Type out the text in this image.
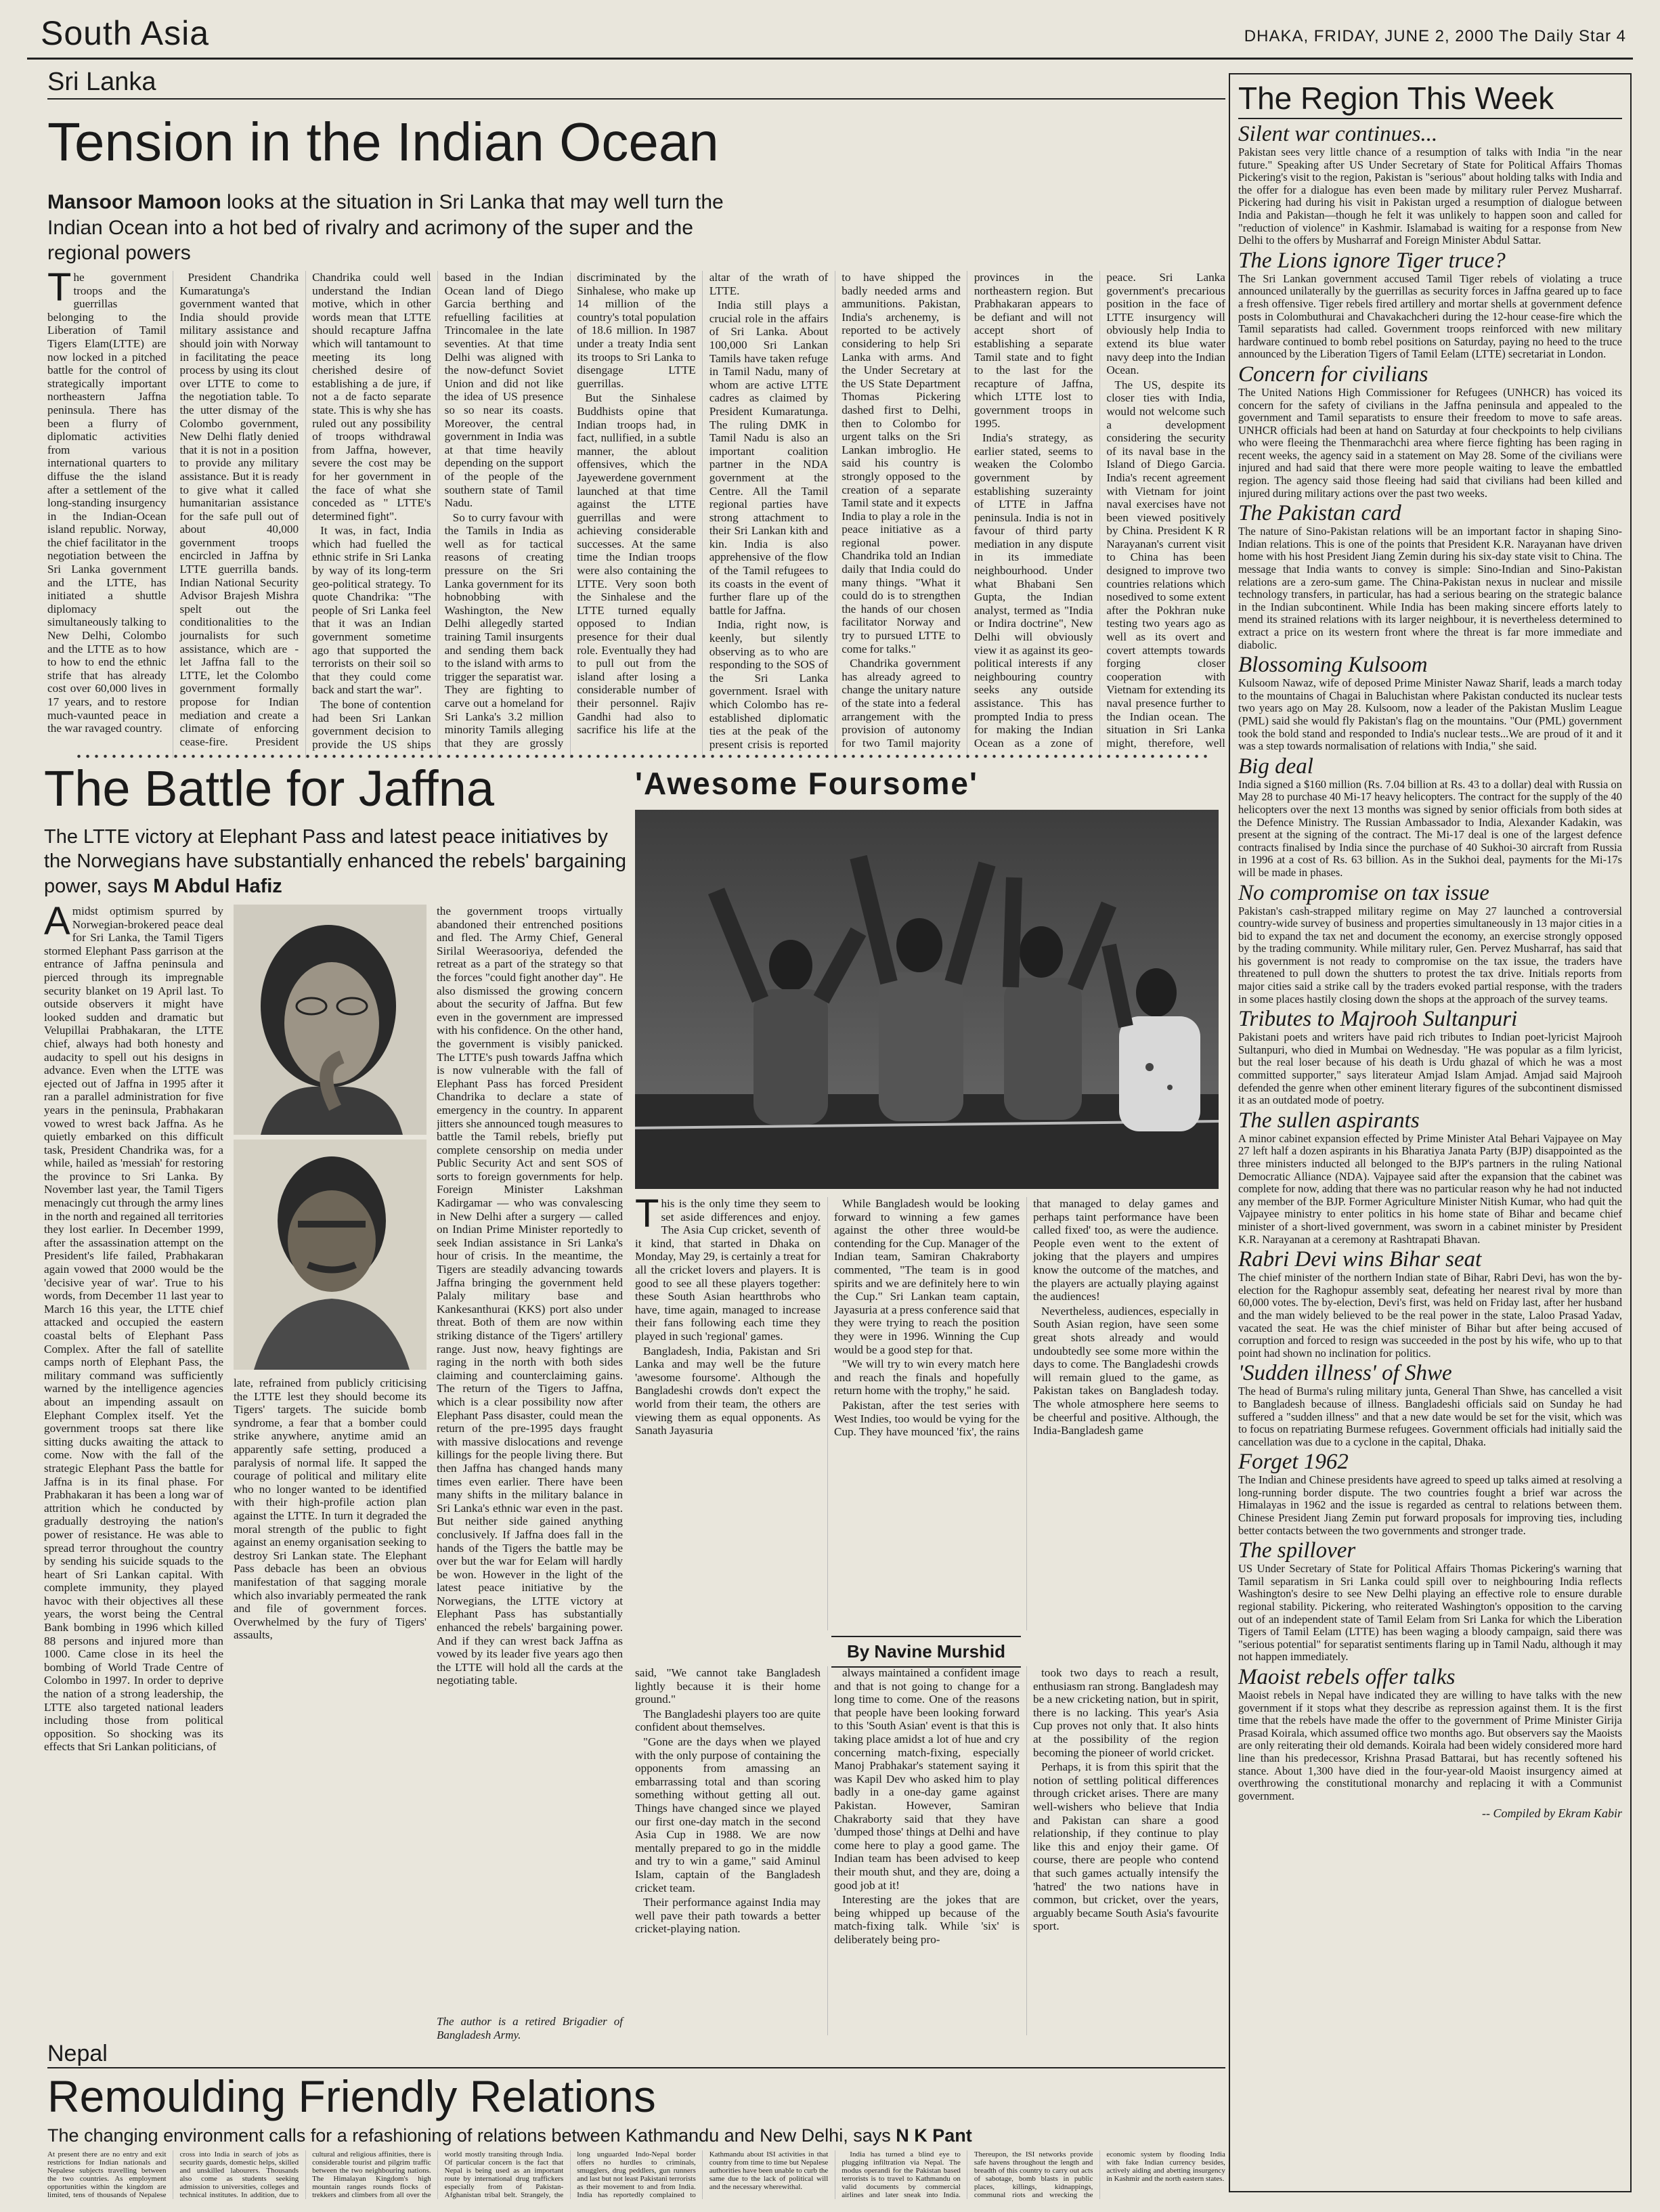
South Asia	DHAKA, FRIDAY, JUNE 2, 2000 The Daily Star 4
Sri Lanka
Tension in the Indian Ocean
Mansoor Mamoon looks at the situation in Sri Lanka that may well turn the Indian Ocean into a hot bed of rivalry and acrimony of the super and the regional powers

The government troops and the guerrillas belonging to the Liberation of Tamil Tigers Elam(LTTE) are now locked in a pitched battle for the control of strategically important northeastern Jaffna peninsula. There has been a flurry of diplomatic activities from various international quarters to diffuse the the island after a settlement of the long-standing insurgency in the Indian-Ocean island republic. Norway, the chief facilitator in the negotiation between the Sri Lanka government and the LTTE, has initiated a shuttle diplomacy simultaneously talking to New Delhi, Colombo and the LTTE as to how to how to end the ethnic strife that has already cost over 60,000 lives in 17 years, and to restore much-vaunted peace in the war ravaged country.

President Chandrika Kumaratunga's government wanted that India should provide military assistance and should join with Norway in facilitating the peace process by using its clout over LTTE to come to the negotiation table. To the utter dismay of the Colombo government, New Delhi flatly denied that it is not in a position to provide any military assistance. But it is ready to give what it called humanitarian assistance for the safe pull out of about 40,000 government troops encircled in Jaffna by LTTE guerrilla bands. Indian National Security Advisor Brajesh Mishra spelt out the conditionalities to the journalists for such assistance, which are - let Jaffna fall to the LTTE, let the Colombo government formally propose for Indian mediation and create a climate of enforcing cease-fire. President Chandrika could well understand the Indian motive, which in other words mean that LTTE should recapture Jaffna which will tantamount to meeting its long cherished desire of establishing a de jure, if not a de facto separate state. This is why she has ruled out any possibility of troops withdrawal from Jaffna, however, severe the cost may be for her government in the face of what she conceded as " LTTE's determined fight".

It was, in fact, India which had fuelled the ethnic strife in Sri Lanka by way of its long-term geo-political strategy. To quote Chandrika: "The people of Sri Lanka feel that it was an Indian government sometime ago that supported the terrorists on their soil so that they could come back and start the war".

The bone of contention had been Sri Lankan government decision to provide the US ships based in the Indian Ocean land of Diego Garcia berthing and refuelling facilities at Trincomalee in the late seventies. At that time Delhi was aligned with the now-defunct Soviet Union and did not like the idea of US presence so so near its coasts. Moreover, the central government in India was at that time heavily depending on the support of the people of the southern state of Tamil Nadu.

So to curry favour with the Tamils in India as well as for tactical reasons of creating pressure on the Sri Lanka government for its hobnobbing with Washington, the New Delhi allegedly started training Tamil insurgents and sending them back to the island with arms to trigger the separatist war. They are fighting to carve out a homeland for Sri Lanka's 3.2 million minority Tamils alleging that they are grossly discriminated by the Sinhalese, who make up 14 million of the country's total population of 18.6 million. In 1987 under a treaty India sent its troops to Sri Lanka to disengage LTTE guerrillas.

But the Sinhalese Buddhists opine that Indian troops had, in fact, nullified, in a subtle manner, the ablout offensives, which the Jayewerdene government launched at that time against the LTTE guerrillas and were achieving considerable successes. At the same time the Indian troops were also containing the LTTE. Very soon both the Sinhalese and the LTTE turned equally opposed to Indian presence for their dual role. Eventually they had to pull out from the island after losing a considerable number of their personnel. Rajiv Gandhi had also to sacrifice his life at the altar of the wrath of LTTE.

India still plays a crucial role in the affairs of Sri Lanka. About 100,000 Sri Lankan Tamils have taken refuge in Tamil Nadu, many of whom are active LTTE cadres as claimed by President Kumaratunga. The ruling DMK in Tamil Nadu is also an important coalition partner in the NDA government at the Centre. All the Tamil regional parties have strong attachment to their Sri Lankan kith and kin. India is also apprehensive of the flow of the Tamil refugees to its coasts in the event of further flare up of the battle for Jaffna.

India, right now, is keenly, but silently observing as to who are responding to the SOS of the Sri Lanka government. Israel with which Colombo has re-established diplomatic ties at the peak of the present crisis is reported to have shipped the badly needed arms and ammunitions. Pakistan, India's archenemy, is reported to be actively considering to help Sri Lanka with arms. And the Under Secretary at the US State Department Thomas Pickering dashed first to Delhi, then to Colombo for urgent talks on the Sri Lankan imbroglio. He said his country is strongly opposed to the creation of a separate Tamil state and it expects India to play a role in the peace initiative as a regional power. Chandrika told an Indian daily that India could do many things. "What it could do is to strengthen the hands of our chosen facilitator Norway and try to pursued LTTE to come for talks."

Chandrika government has already agreed to change the unitary nature of the state into a federal arrangement with the provision of autonomy for two Tamil majority provinces in the northeastern region. But Prabhakaran appears to be defiant and will not accept short of establishing a separate Tamil state and to fight to the last for the recapture of Jaffna, which LTTE lost to government troops in 1995.

India's strategy, as earlier stated, seems to weaken the Colombo government by establishing suzerainty of LTTE in Jaffna peninsula. India is not in favour of third party mediation in any dispute in its immediate neighbourhood. Under what Bhabani Sen Gupta, the Indian analyst, termed as "India or Indira doctrine", New Delhi will obviously view it as against its geo-political interests if any neighbouring country seeks any outside assistance. This has prompted India to press for making the Indian Ocean as a zone of peace. Sri Lanka government's precarious position in the face of LTTE insurgency will obviously help India to extend its blue water navy deep into the Indian Ocean.

The US, despite its closer ties with India, would not welcome such a development considering the security of its naval base in the Island of Diego Garcia. India's recent agreement with Vietnam for joint naval exercises have not been viewed positively by China. President K R Narayanan's current visit to China has been designed to improve two countries relations which nosedived to some extent after the Pokhran nuke testing two years ago as well as its overt and covert attempts towards forging closer cooperation with Vietnam for extending its naval presence further to the Indian ocean. The situation in Sri Lanka might, therefore, well

The Battle for Jaffna
The LTTE victory at Elephant Pass and latest peace initiatives by the Norwegians have substantially enhanced the rebels' bargaining power, says M Abdul Hafiz

Amidst optimism spurred by Norwegian-brokered peace deal for Sri Lanka, the Tamil Tigers stormed Elephant Pass garrison at the entrance of Jaffna peninsula and pierced through its impregnable security blanket on 19 April last. To outside observers it might have looked sudden and dramatic but Velupillai Prabhakaran, the LTTE chief, always had both honesty and audacity to spell out his designs in advance. Even when the LTTE was ejected out of Jaffna in 1995 after it ran a parallel administration for five years in the peninsula, Prabhakaran vowed to wrest back Jaffna. As he quietly embarked on this difficult task, President Chandrika was, for a while, hailed as 'messiah' for restoring the province to Sri Lanka. By November last year, the Tamil Tigers menacingly cut through the army lines in the north and regained all territories they lost earlier. In December 1999, after the assassination attempt on the President's life failed, Prabhakaran again vowed that 2000 would be the 'decisive year of war'. True to his words, from December 11 last year to March 16 this year, the LTTE chief attacked and occupied the eastern coastal belts of Elephant Pass Complex. After the fall of satellite camps north of Elephant Pass, the military command was sufficiently warned by the intelligence agencies about an impending assault on Elephant Complex itself. Yet the government troops sat there like sitting ducks awaiting the attack to come. Now with the fall of the strategic Elephant Pass the battle for Jaffna is in its final phase. For Prabhakaran it has been a long war of attrition which he conducted by gradually destroying the nation's power of resistance. He was able to spread terror throughout the country by sending his suicide squads to the heart of Sri Lankan capital. With complete immunity, they played havoc with their objectives all these years, the worst being the Central Bank bombing in 1996 which killed 88 persons and injured more than 1000. Came close in its heel the bombing of World Trade Centre of Colombo in 1997. In order to deprive the nation of a strong leadership, the LTTE also targeted national leaders including those from political opposition. So shocking was its effects that Sri Lankan politicians, of

late, refrained from publicly criticising the LTTE lest they should become its Tigers' targets. The suicide bomb syndrome, a fear that a bomber could strike anywhere, anytime amid an apparently safe setting, produced a paralysis of normal life. It sapped the courage of political and military elite who no longer wanted to be identified with their high-profile action plan against the LTTE. In turn it degraded the moral strength of the public to fight against an enemy organisation seeking to destroy Sri Lankan state. The Elephant Pass debacle has been an obvious manifestation of that sagging morale which also invariably permeated the rank and file of government forces. Overwhelmed by the fury of Tigers' assaults,

the government troops virtually abandoned their entrenched positions and fled. The Army Chief, General Sirilal Weerasooriya, defended the retreat as a part of the strategy so that the forces "could fight another day". He also dismissed the growing concern about the security of Jaffna. But few even in the government are impressed with his confidence. On the other hand, the government is visibly panicked. The LTTE's push towards Jaffna which is now vulnerable with the fall of Elephant Pass has forced President Chandrika to declare a state of emergency in the country. In apparent jitters she announced tough measures to battle the Tamil rebels, briefly put complete censorship on media under Public Security Act and sent SOS of sorts to foreign governments for help. Foreign Minister Lakshman Kadirgamar — who was convalescing in New Delhi after a surgery — called on Indian Prime Minister reportedly to seek Indian assistance in Sri Lanka's hour of crisis. In the meantime, the Tigers are steadily advancing towards Jaffna bringing the government held Palaly military base and Kankesanthurai (KKS) port also under threat. Both of them are now within striking distance of the Tigers' artillery range. Just now, heavy fightings are raging in the north with both sides claiming and counterclaiming gains. The return of the Tigers to Jaffna, which is a clear possibility now after Elephant Pass disaster, could mean the return of the pre-1995 days fraught with massive dislocations and revenge killings for the people living there. But then Jaffna has changed hands many times even earlier. There have been many shifts in the military balance in Sri Lanka's ethnic war even in the past. But neither side gained anything conclusively. If Jaffna does fall in the hands of the Tigers the battle may be over but the war for Eelam will hardly be won. However in the light of the latest peace initiative by the Norwegians, the LTTE victory at Elephant Pass has substantially enhanced the rebels' bargaining power. And if they can wrest back Jaffna as vowed by its leader five years ago then the LTTE will hold all the cards at the negotiating table.

The author is a retired Brigadier of Bangladesh Army.
'Awesome Foursome'

This is the only time they seem to set aside differences and enjoy. The Asia Cup cricket, seventh of it kind, that started in Dhaka on Monday, May 29, is certainly a treat for all the cricket lovers and players. It is good to see all these players together: these South Asian heartthrobs who have, time again, managed to increase their fans following each time they played in such 'regional' games.

Bangladesh, India, Pakistan and Sri Lanka and may well be the future 'awesome foursome'. Although the Bangladeshi crowds don't expect the world from their team, the others are viewing them as equal opponents. As Sanath Jayasuria

While Bangladesh would be looking forward to winning a few games against the other three would-be contending for the Cup. Manager of the Indian team, Samiran Chakraborty commented, "The team is in good spirits and we are definitely here to win the Cup." Sri Lankan team captain, Jayasuria at a press conference said that they were trying to reach the position they were in 1996. Winning the Cup would be a good step for that.

"We will try to win every match here and reach the finals and hopefully return home with the trophy," he said.

Pakistan, after the test series with West Indies, too would be vying for the Cup. They have mounced 'fix', the rains that managed to delay games and perhaps taint performance have been called fixed' too, as were the audience. People even went to the extent of joking that the players and umpires know the outcome of the matches, and the players are actually playing against the audiences!

Nevertheless, audiences, especially in South Asian region, have seen some great shots already and would undoubtedly see some more within the days to come. The Bangladeshi crowds will remain glued to the game, as Pakistan takes on Bangladesh today. The whole atmosphere here seems to be cheerful and positive. Although, the India-Bangladesh game

By Navine Murshid

said, "We cannot take Bangladesh lightly because it is their home ground."

The Bangladeshi players too are quite confident about themselves.

"Gone are the days when we played with the only purpose of containing the opponents from amassing an embarrassing total and than scoring something without getting all out. Things have changed since we played our first one-day match in the second Asia Cup in 1988. We are now mentally prepared to go in the middle and try to win a game," said Aminul Islam, captain of the Bangladesh cricket team.

Their performance against India may well pave their path towards a better cricket-playing nation.

always maintained a confident image and that is not going to change for a long time to come. One of the reasons that people have been looking forward to this 'South Asian' event is that this is taking place amidst a lot of hue and cry concerning match-fixing, especially Manoj Prabhakar's statement saying it was Kapil Dev who asked him to play badly in a one-day game against Pakistan. However, Samiran Chakraborty said that they have 'dumped those' things at Delhi and have come here to play a good game. The Indian team has been advised to keep their mouth shut, and they are, doing a good job at it!

Interesting are the jokes that are being whipped up because of the match-fixing talk. While 'six' is deliberately being pro-

took two days to reach a result, enthusiasm ran strong. Bangladesh may be a new cricketing nation, but in spirit, there is no lacking. This year's Asia Cup proves not only that. It also hints at the possibility of the region becoming the pioneer of world cricket.

Perhaps, it is from this spirit that the notion of settling political differences through cricket arises. There are many well-wishers who believe that India and Pakistan can share a good relationship, if they continue to play like this and enjoy their game. Of course, there are people who contend that such games actually intensify the 'hatred' the two nations have in common, but cricket, over the years, arguably became South Asia's favourite sport.

Nepal
Remoulding Friendly Relations
The changing environment calls for a refashioning of relations between Kathmandu and New Delhi, says N K Pant

At present there are no entry and exit restrictions for Indian nationals and Nepalese subjects travelling between the two countries. As employment opportunities within the kingdom are limited, tens of thousands of Nepalese cross into India in search of jobs as security guards, domestic helps, skilled and unskilled labourers. Thousands also come as students seeking admission to universities, colleges and technical institutes. In addition, due to cultural and religious affinities, there is considerable tourist and pilgrim traffic between the two neighbouring nations. The Himalayan Kingdom's high mountain ranges rounds flocks of trekkers and climbers from all over the world mostly transiting through India. Of particular concern is the fact that Nepal is being used as an important route by international drug traffickers especially from of Pakistan-Afghanistan tribal belt. Strangely, the long unguarded Indo-Nepal border offers no hurdles to criminals, smugglers, drug peddlers, gun runners and last but not least Pakistani terrorists as their movement to and from India. India has reportedly complained to Kathmandu about ISI activities in that country from time to time but Nepalese authorities have been unable to curb the same due to the lack of political will and the necessary wherewithal.

India has turned a blind eye to plugging infiltration via Nepal. The modus operandi for the Pakistan based terrorists is to travel to Kathmandu on valid documents by commercial airlines and later sneak into India. Thereupon, the ISI networks provide safe havens throughout the length and breadth of this country to carry out acts of sabotage, bomb blasts in public places, killings, kidnappings, communal riots and wrecking the economic system by flooding India with fake Indian currency besides, actively aiding and abetting insurgency in Kashmir and the north eastern states.

The Region This Week
Silent war continues...

Pakistan sees very little chance of a resumption of talks with India "in the near future." Speaking after US Under Secretary of State for Political Affairs Thomas Pickering's visit to the region, Pakistan is "serious" about holding talks with India and the offer for a dialogue has even been made by military ruler Pervez Musharraf. Pickering had during his visit in Pakistan urged a resumption of dialogue between India and Pakistan—though he felt it was unlikely to happen soon and called for "reduction of violence" in Kashmir. Islamabad is waiting for a response from New Delhi to the offers by Musharraf and Foreign Minister Abdul Sattar.

The Lions ignore Tiger truce?

The Sri Lankan government accused Tamil Tiger rebels of violating a truce announced unilaterally by the guerrillas as security forces in Jaffna geared up to face a fresh offensive. Tiger rebels fired artillery and mortar shells at government defence posts in Colombuthurai and Chavakachcheri during the 12-hour cease-fire which the Tamil separatists had called. Government troops reinforced with new military hardware continued to bomb rebel positions on Saturday, paying no heed to the truce announced by the Liberation Tigers of Tamil Eelam (LTTE) secretariat in London.

Concern for civilians

The United Nations High Commissioner for Refugees (UNHCR) has voiced its concern for the safety of civilians in the Jaffna peninsula and appealed to the government and Tamil separatists to ensure their freedom to move to safe areas. UNHCR officials had been at hand on Saturday at four checkpoints to help civilians who were fleeing the Thenmarachchi area where fierce fighting has been raging in recent weeks, the agency said in a statement on May 28. Some of the civilians were injured and had said that there were more people waiting to leave the embattled region. The agency said those fleeing had said that civilians had been killed and injured during military actions over the past two weeks.

The Pakistan card

The nature of Sino-Pakistan relations will be an important factor in shaping Sino-Indian relations. This is one of the points that President K.R. Narayanan have driven home with his host President Jiang Zemin during his six-day state visit to China. The message that India wants to convey is simple: Sino-Indian and Sino-Pakistan relations are a zero-sum game. The China-Pakistan nexus in nuclear and missile technology transfers, in particular, has had a serious bearing on the strategic balance in the Indian subcontinent. While India has been making sincere efforts lately to mend its strained relations with its larger neighbour, it is nevertheless determined to extract a price on its western front where the threat is far more immediate and diabolic.

Blossoming Kulsoom

Kulsoom Nawaz, wife of deposed Prime Minister Nawaz Sharif, leads a march today to the mountains of Chagai in Baluchistan where Pakistan conducted its nuclear tests two years ago on May 28. Kulsoom, now a leader of the Pakistan Muslim League (PML) said she would fly Pakistan's flag on the mountains. "Our (PML) government took the bold stand and responded to India's nuclear tests...We are proud of it and it was a step towards normalisation of relations with India," she said.

Big deal

India signed a $160 million (Rs. 7.04 billion at Rs. 43 to a dollar) deal with Russia on May 28 to purchase 40 Mi-17 heavy helicopters. The contract for the supply of the 40 helicopters over the next 13 months was signed by senior officials from both sides at the Defence Ministry. The Russian Ambassador to India, Alexander Kadakin, was present at the signing of the contract. The Mi-17 deal is one of the largest defence contracts finalised by India since the purchase of 40 Sukhoi-30 aircraft from Russia in 1996 at a cost of Rs. 63 billion. As in the Sukhoi deal, payments for the Mi-17s will be made in phases.

No compromise on tax issue

Pakistan's cash-strapped military regime on May 27 launched a controversial country-wide survey of business and properties simultaneously in 13 major cities in a bid to expand the tax net and document the economy, an exercise strongly opposed by the trading community. While military ruler, Gen. Pervez Musharraf, has said that his government is not ready to compromise on the tax issue, the traders have threatened to pull down the shutters to protest the tax drive. Initials reports from major cities said a strike call by the traders evoked partial response, with the traders in some places hastily closing down the shops at the approach of the survey teams.

Tributes to Majrooh Sultanpuri

Pakistani poets and writers have paid rich tributes to Indian poet-lyricist Majrooh Sultanpuri, who died in Mumbai on Wednesday. "He was popular as a film lyricist, but the real loser because of his death is Urdu ghazal of which he was a most committed supporter," says literateur Amjad Islam Amjad. Amjad said Majrooh defended the genre when other eminent literary figures of the subcontinent dismissed it as an outdated mode of poetry.

The sullen aspirants

A minor cabinet expansion effected by Prime Minister Atal Behari Vajpayee on May 27 left half a dozen aspirants in his Bharatiya Janata Party (BJP) disappointed as the three ministers inducted all belonged to the BJP's partners in the ruling National Democratic Alliance (NDA). Vajpayee said after the expansion that the cabinet was complete for now, adding that there was no particular reason why he had not inducted any member of the BJP. Former Agriculture Minister Nitish Kumar, who had quit the Vajpayee ministry to enter politics in his home state of Bihar and became chief minister of a short-lived government, was sworn in a cabinet minister by President K.R. Narayanan at a ceremony at Rashtrapati Bhavan.

Rabri Devi wins Bihar seat

The chief minister of the northern Indian state of Bihar, Rabri Devi, has won the by-election for the Raghopur assembly seat, defeating her nearest rival by more than 60,000 votes. The by-election, Devi's first, was held on Friday last, after her husband and the man widely believed to be the real power in the state, Laloo Prasad Yadav, vacated the seat. He was the chief minister of Bihar but after being accused of corruption and forced to resign was succeeded in the post by his wife, who up to that point had shown no inclination for politics.

'Sudden illness' of Shwe

The head of Burma's ruling military junta, General Than Shwe, has cancelled a visit to Bangladesh because of illness. Bangladeshi officials said on Sunday he had suffered a "sudden illness" and that a new date would be set for the visit, which was to focus on repatriating Burmese refugees. Government officials had initially said the cancellation was due to a cyclone in the capital, Dhaka.

Forget 1962

The Indian and Chinese presidents have agreed to speed up talks aimed at resolving a long-running border dispute. The two countries fought a brief war across the Himalayas in 1962 and the issue is regarded as central to relations between them. Chinese President Jiang Zemin put forward proposals for improving ties, including better contacts between the two governments and stronger trade.

The spillover

US Under Secretary of State for Political Affairs Thomas Pickering's warning that Tamil separatism in Sri Lanka could spill over to neighbouring India reflects Washington's desire to see New Delhi playing an effective role to ensure durable regional stability. Pickering, who reiterated Washington's opposition to the carving out of an independent state of Tamil Eelam from Sri Lanka for which the Liberation Tigers of Tamil Eelam (LTTE) has been waging a bloody campaign, said there was "serious potential" for separatist sentiments flaring up in Tamil Nadu, although it may not happen immediately.

Maoist rebels offer talks

Maoist rebels in Nepal have indicated they are willing to have talks with the new government if it stops what they describe as repression against them. It is the first time that the rebels have made the offer to the government of Prime Minister Girija Prasad Koirala, which assumed office two months ago. But observers say the Maoists are only reiterating their old demands. Koirala had been widely considered more hard line than his predecessor, Krishna Prasad Battarai, but has recently softened his stance. About 1,300 have died in the four-year-old Maoist insurgency aimed at overthrowing the constitutional monarchy and replacing it with a Communist government.

-- Compiled by Ekram Kabir
